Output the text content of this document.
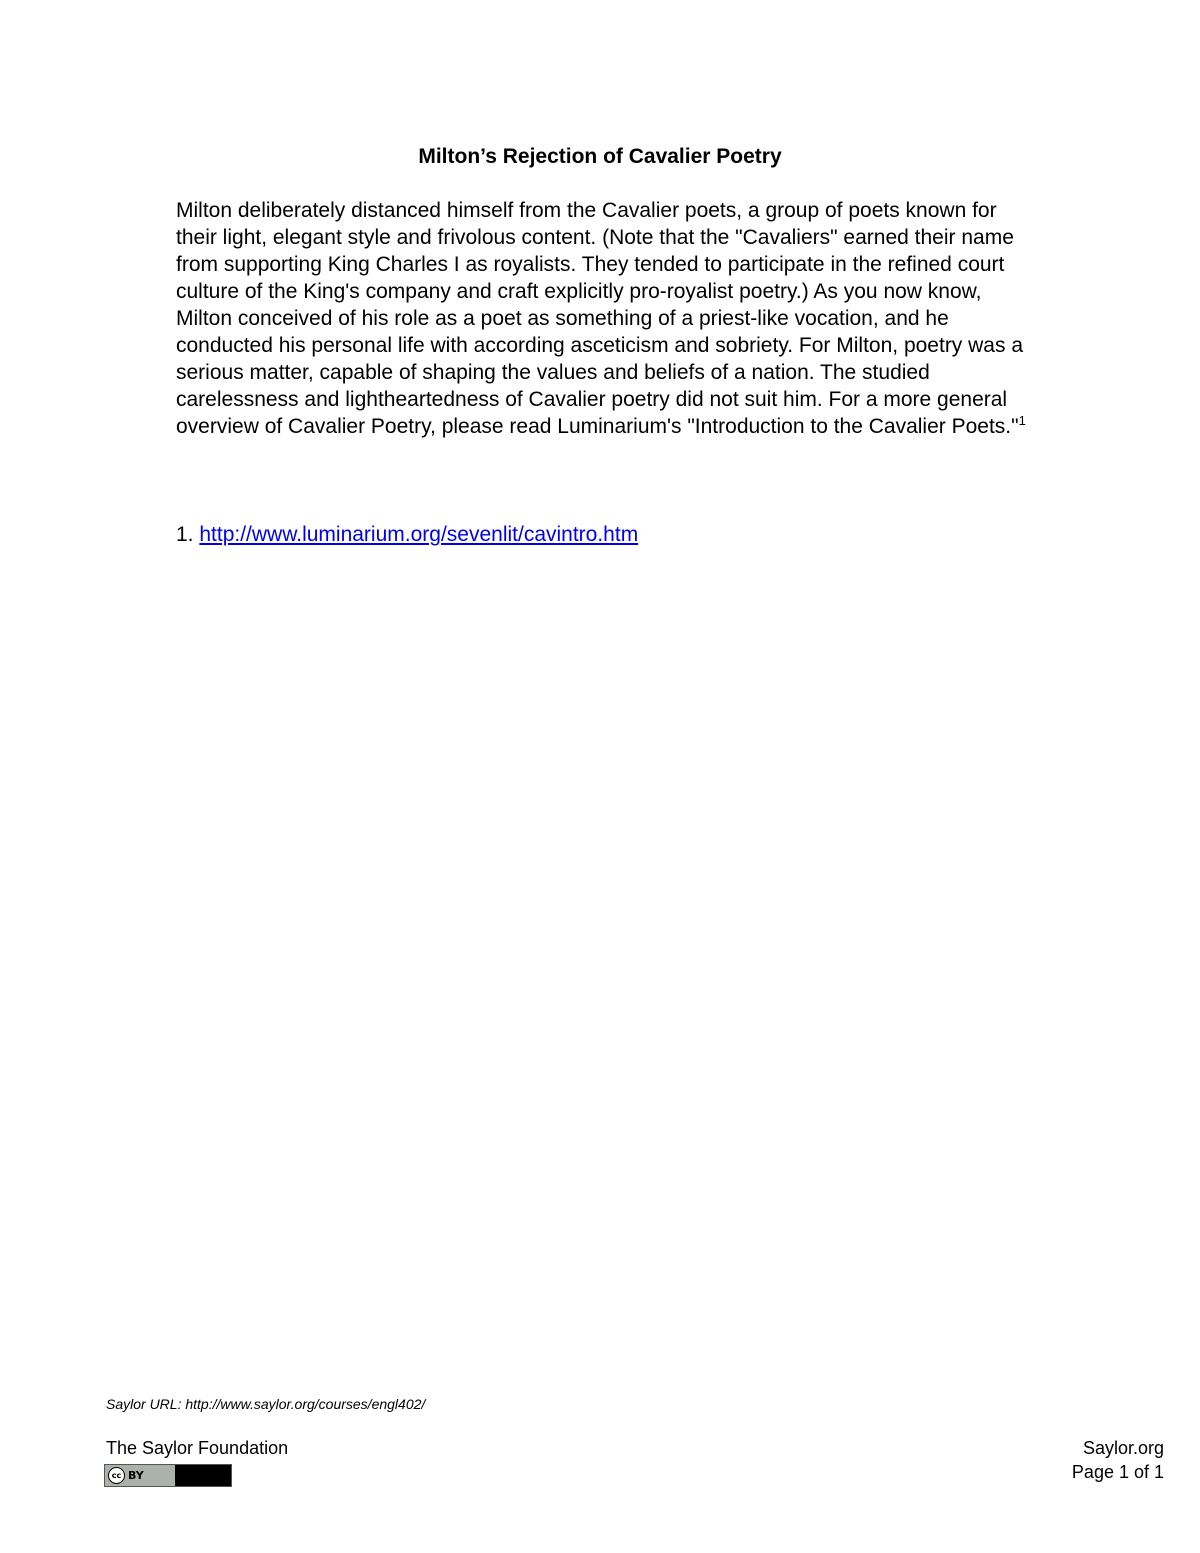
Milton’s Rejection of Cavalier Poetry

Milton deliberately distanced himself from the Cavalier poets, a group of poets known for their light, elegant style and frivolous content. (Note that the "Cavaliers" earned their name from supporting King Charles I as royalists. They tended to participate in the refined court culture of the King's company and craft explicitly pro-royalist poetry.) As you now know, Milton conceived of his role as a poet as something of a priest-like vocation, and he conducted his personal life with according asceticism and sobriety. For Milton, poetry was a serious matter, capable of shaping the values and beliefs of a nation. The studied carelessness and lightheartedness of Cavalier poetry did not suit him. For a more general overview of Cavalier Poetry, please read Luminarium's "Introduction to the Cavalier Poets."$^1$

1. http://www.luminarium.org/sevenlit/cavintro.htm
Saylor URL: http://www.saylor.org/courses/engl402/
The Saylor Foundation
cc BY
Saylor.org
Page 1 of 1
